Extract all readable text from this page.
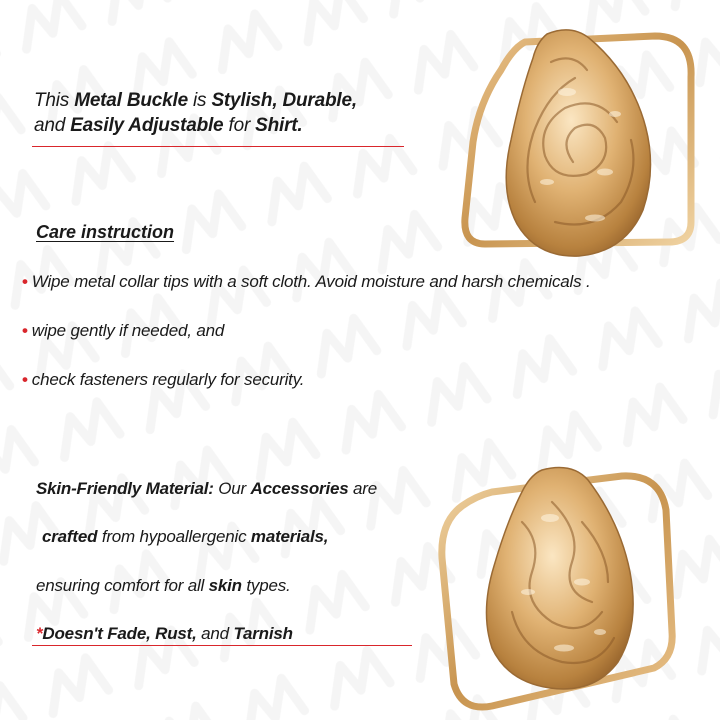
This Metal Buckle is Stylish, Durable,
and Easily Adjustable for Shirt.
Care instruction
• Wipe metal collar tips with a soft cloth. Avoid moisture and harsh chemicals .
• wipe gently if needed, and
• check fasteners regularly for security.
Skin-Friendly Material: Our Accessories are
crafted from hypoallergenic materials,
ensuring comfort for all skin types.
*Doesn't Fade, Rust, and Tarnish
